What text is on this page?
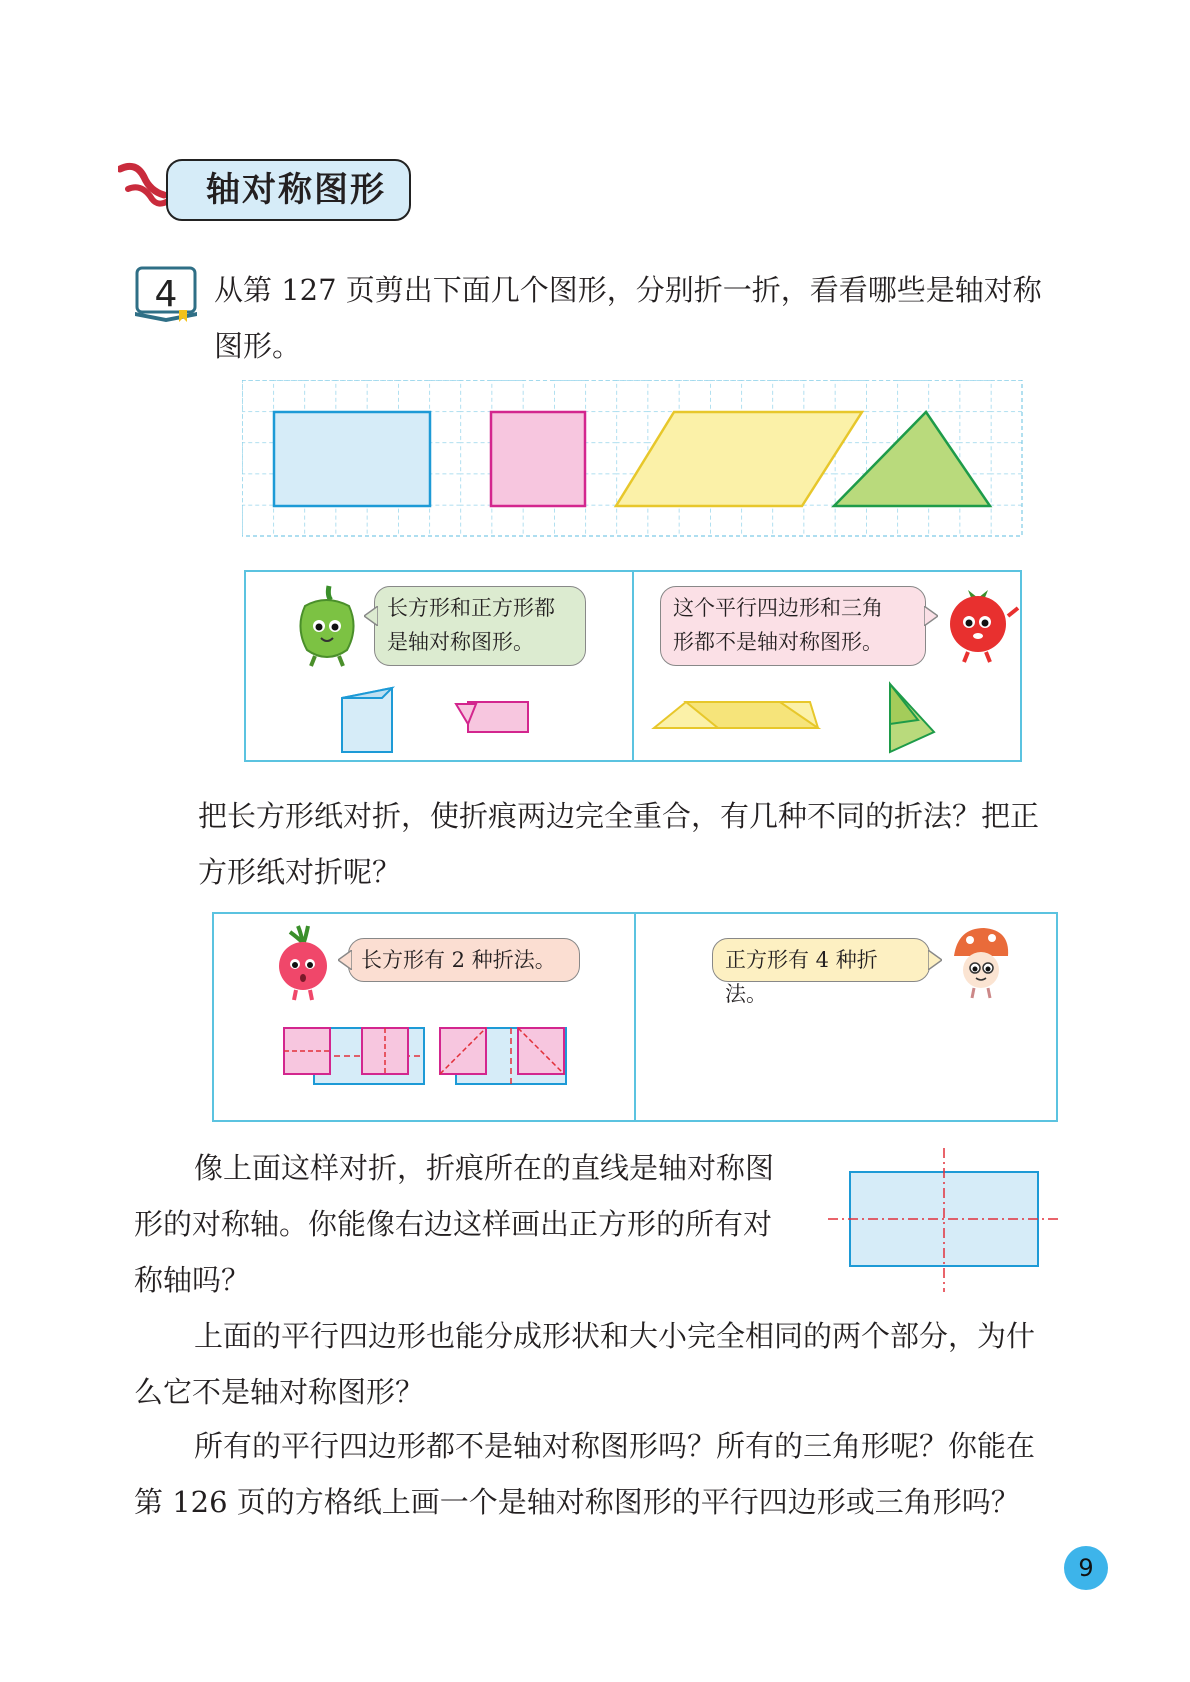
轴对称图形
4 从第 127 页剪出下面几个图形，分别折一折，看看哪些是轴对称
图形。
长方形和正方形都
是轴对称图形。
这个平行四边形和三角
形都不是轴对称图形。
把长方形纸对折，使折痕两边完全重合，有几种不同的折法？把正
方形纸对折呢？
长方形有 2 种折法。	正方形有 4 种折法。
像上面这样对折，折痕所在的直线是轴对称图
形的对称轴。你能像右边这样画出正方形的所有对
称轴吗？
上面的平行四边形也能分成形状和大小完全相同的两个部分，为什
么它不是轴对称图形？
所有的平行四边形都不是轴对称图形吗？所有的三角形呢？你能在
第 126 页的方格纸上画一个是轴对称图形的平行四边形或三角形吗？
9
